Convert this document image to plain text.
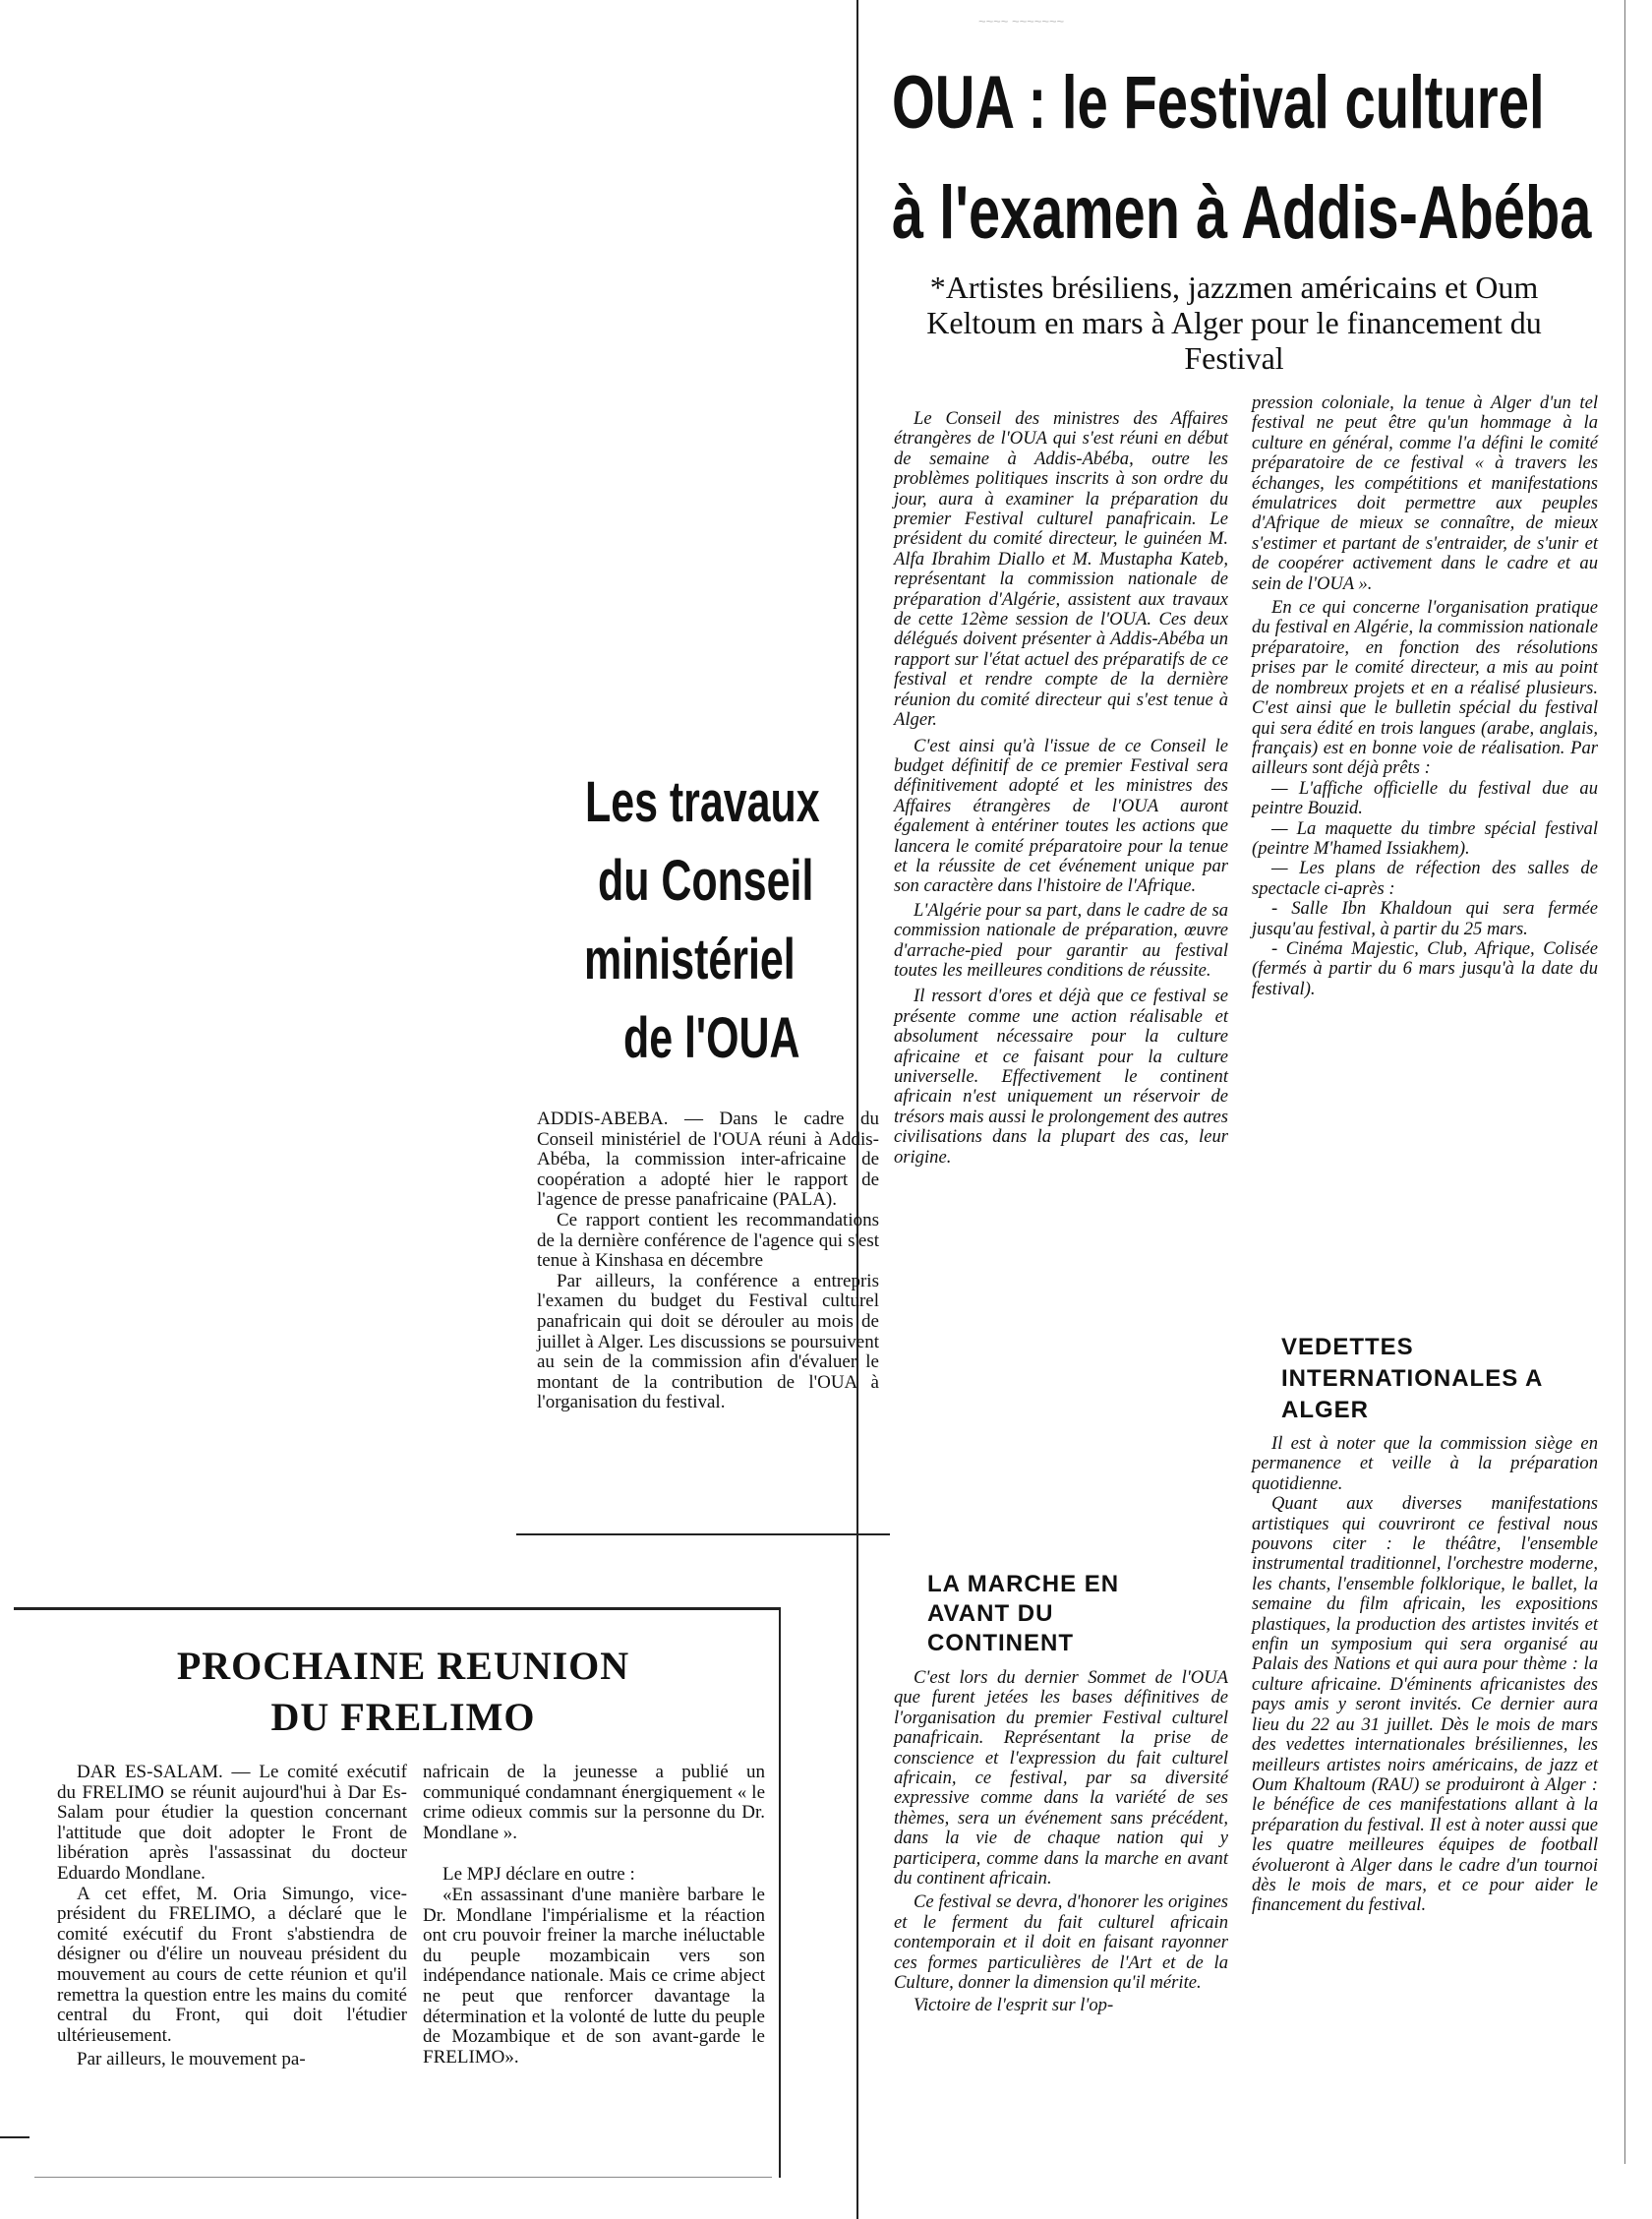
~~~~ ~~~~~~~
OUA : le Festival culturel
à l'examen à Addis-Abéba
*Artistes brésiliens, jazzmen américains et Oum Keltoum en mars à Alger pour le financement du Festival

Le Conseil des ministres des Affaires étrangères de l'OUA qui s'est réuni en début de semaine à Addis-Abéba, outre les problèmes politiques inscrits à son ordre du jour, aura à examiner la préparation du premier Festival culturel panafricain. Le président du comité directeur, le guinéen M. Alfa Ibrahim Diallo et M. Mustapha Kateb, représentant la commission nationale de préparation d'Algérie, assistent aux travaux de cette 12ème session de l'OUA. Ces deux délégués doivent présenter à Addis-Abéba un rapport sur l'état actuel des préparatifs de ce festival et rendre compte de la dernière réunion du comité directeur qui s'est tenue à Alger.

C'est ainsi qu'à l'issue de ce Conseil le budget définitif de ce premier Festival sera définitivement adopté et les ministres des Affaires étrangères de l'OUA auront également à entériner toutes les actions que lancera le comité préparatoire pour la tenue et la réussite de cet événement unique par son caractère dans l'histoire de l'Afrique.

L'Algérie pour sa part, dans le cadre de sa commission nationale de préparation, œuvre d'arrache-pied pour garantir au festival toutes les meilleures conditions de réussite.

Il ressort d'ores et déjà que ce festival se présente comme une action réalisable et absolument nécessaire pour la culture africaine et ce faisant pour la culture universelle. Effectivement le continent africain n'est uniquement un réservoir de trésors mais aussi le prolongement des autres civilisations dans la plupart des cas, leur origine.

LA MARCHE EN AVANT DU CONTINENT

C'est lors du dernier Sommet de l'OUA que furent jetées les bases définitives de l'organisation du premier Festival culturel panafricain. Représentant la prise de conscience et l'expression du fait culturel africain, ce festival, par sa diversité expressive comme dans la variété de ses thèmes, sera un événement sans précédent, dans la vie de chaque nation qui y participera, comme dans la marche en avant du continent africain.

Ce festival se devra, d'honorer les origines et le ferment du fait culturel africain contemporain et il doit en faisant rayonner ces formes particulières de l'Art et de la Culture, donner la dimension qu'il mérite.

Victoire de l'esprit sur l'op-

pression coloniale, la tenue à Alger d'un tel festival ne peut être qu'un hommage à la culture en général, comme l'a défini le comité préparatoire de ce festival « à travers les échanges, les compétitions et manifestations émulatrices doit permettre aux peuples d'Afrique de mieux se connaître, de mieux s'estimer et partant de s'entraider, de s'unir et de coopérer activement dans le cadre et au sein de l'OUA ».

En ce qui concerne l'organisation pratique du festival en Algérie, la commission nationale préparatoire, en fonction des résolutions prises par le comité directeur, a mis au point de nombreux projets et en a réalisé plusieurs. C'est ainsi que le bulletin spécial du festival qui sera édité en trois langues (arabe, anglais, français) est en bonne voie de réalisation. Par ailleurs sont déjà prêts :

— L'affiche officielle du festival due au peintre Bouzid.

— La maquette du timbre spécial festival (peintre M'hamed Issiakhem).

— Les plans de réfection des salles de spectacle ci-après :

- Salle Ibn Khaldoun qui sera fermée jusqu'au festival, à partir du 25 mars.

- Cinéma Majestic, Club, Afrique, Colisée (fermés à partir du 6 mars jusqu'à la date du festival).

VEDETTES INTERNATIONALES A ALGER

Il est à noter que la commission siège en permanence et veille à la préparation quotidienne.

Quant aux diverses manifestations artistiques qui couvriront ce festival nous pouvons citer : le théâtre, l'ensemble instrumental traditionnel, l'orchestre moderne, les chants, l'ensemble folklorique, le ballet, la semaine du film africain, les expositions plastiques, la production des artistes invités et enfin un symposium qui sera organisé au Palais des Nations et qui aura pour thème : la culture africaine. D'éminents africanistes des pays amis y seront invités. Ce dernier aura lieu du 22 au 31 juillet. Dès le mois de mars des vedettes internationales brésiliennes, les meilleurs artistes noirs américains, de jazz et Oum Khaltoum (RAU) se produiront à Alger : le bénéfice de ces manifestations allant à la préparation du festival. Il est à noter aussi que les quatre meilleures équipes de football évolueront à Alger dans le cadre d'un tournoi dès le mois de mars, et ce pour aider le financement du festival.

Les travaux
du Conseil
ministériel
de l'OUA

ADDIS-ABEBA. — Dans le cadre du Conseil ministériel de l'OUA réuni à Addis-Abéba, la commission inter-africaine de coopération a adopté hier le rapport de l'agence de presse panafricaine (PALA).

Ce rapport contient les recommandations de la dernière conférence de l'agence qui s'est tenue à Kinshasa en décembre

Par ailleurs, la conférence a entrepris l'examen du budget du Festival culturel panafricain qui doit se dérouler au mois de juillet à Alger. Les discussions se poursuivent au sein de la commission afin d'évaluer le montant de la contribution de l'OUA à l'organisation du festival.

PROCHAINE REUNION
DU FRELIMO

DAR ES-SALAM. — Le comité exécutif du FRELIMO se réunit aujourd'hui à Dar Es-Salam pour étudier la question concernant l'attitude que doit adopter le Front de libération après l'assassinat du docteur Eduardo Mondlane.

A cet effet, M. Oria Simungo, vice-président du FRELIMO, a déclaré que le comité exécutif du Front s'abstiendra de désigner ou d'élire un nouveau président du mouvement au cours de cette réunion et qu'il remettra la question entre les mains du comité central du Front, qui doit l'étudier ultérieusement.

Par ailleurs, le mouvement pa-

nafricain de la jeunesse a publié un communiqué condamnant énergiquement « le crime odieux commis sur la personne du Dr. Mondlane ».

Le MPJ déclare en outre :

«En assassinant d'une manière barbare le Dr. Mondlane l'impérialisme et la réaction ont cru pouvoir freiner la marche inéluctable du peuple mozambicain vers son indépendance nationale. Mais ce crime abject ne peut que renforcer davantage la détermination et la volonté de lutte du peuple de Mozambique et de son avant-garde le FRELIMO».
